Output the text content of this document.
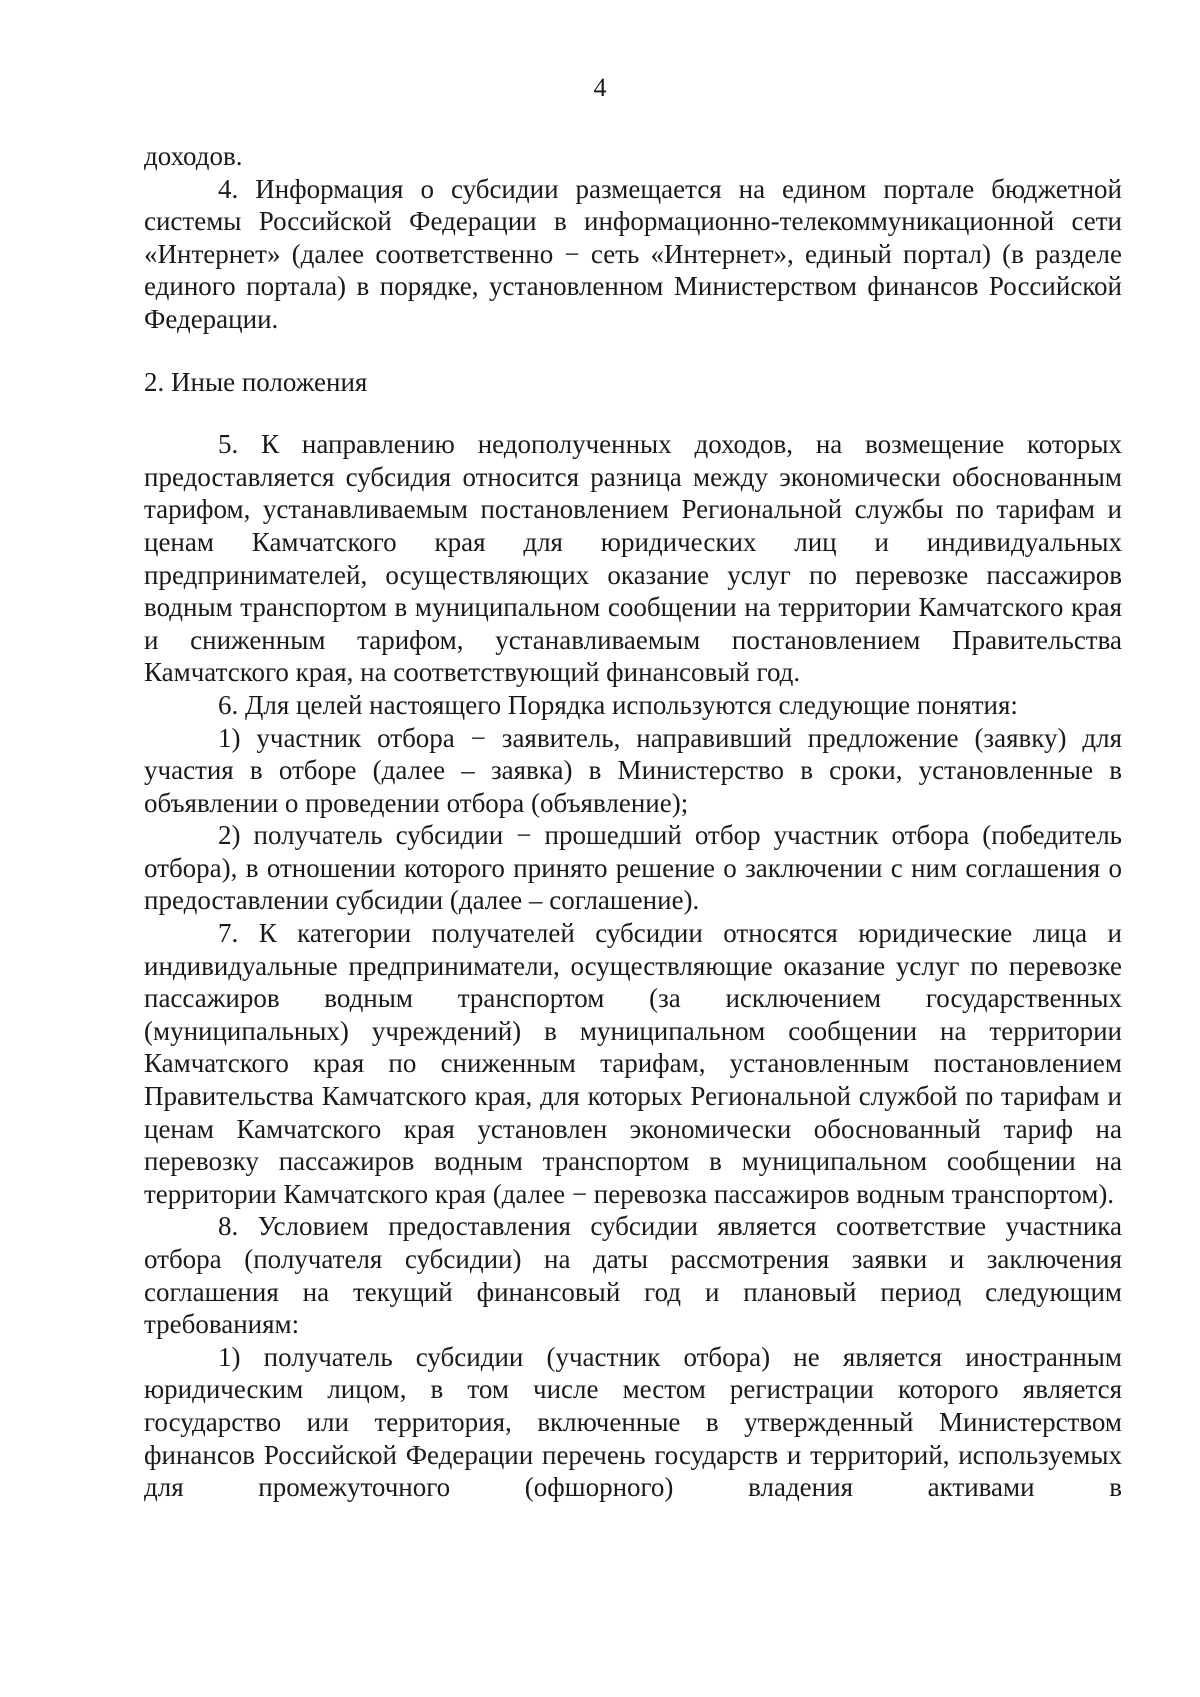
4

доходов.

4. Информация о субсидии размещается на едином портале бюджетной системы Российской Федерации в информационно-телекоммуникационной сети «Интернет» (далее соответственно − сеть «Интернет», единый портал) (в разделе единого портала) в порядке, установленном Министерством финансов Российской Федерации.

2. Иные положения

5. К направлению недополученных доходов, на возмещение которых предоставляется субсидия относится разница между экономически обоснованным тарифом, устанавливаемым постановлением Региональной службы по тарифам и ценам Камчатского края для юридических лиц и индивидуальных предпринимателей, осуществляющих оказание услуг по перевозке пассажиров водным транспортом в муниципальном сообщении на территории Камчатского края и сниженным тарифом, устанавливаемым постановлением Правительства Камчатского края, на соответствующий финансовый год.

6. Для целей настоящего Порядка используются следующие понятия:

1) участник отбора − заявитель, направивший предложение (заявку) для участия в отборе (далее – заявка) в Министерство в сроки, установленные в объявлении о проведении отбора (объявление);

2) получатель субсидии − прошедший отбор участник отбора (победитель отбора), в отношении которого принято решение о заключении с ним соглашения о предоставлении субсидии (далее – соглашение).

7. К категории получателей субсидии относятся юридические лица и индивидуальные предприниматели, осуществляющие оказание услуг по перевозке пассажиров водным транспортом (за исключением государственных (муниципальных) учреждений) в муниципальном сообщении на территории Камчатского края по сниженным тарифам, установленным постановлением Правительства Камчатского края, для которых Региональной службой по тарифам и ценам Камчатского края установлен экономически обоснованный тариф на перевозку пассажиров водным транспортом в муниципальном сообщении на территории Камчатского края (далее − перевозка пассажиров водным транспортом).

8. Условием предоставления субсидии является соответствие участника отбора (получателя субсидии) на даты рассмотрения заявки и заключения соглашения на текущий финансовый год и плановый период следующим требованиям:

1) получатель субсидии (участник отбора) не является иностранным юридическим лицом, в том числе местом регистрации которого является государство или территория, включенные в утвержденный Министерством финансов Российской Федерации перечень государств и территорий, используемых для промежуточного (офшорного) владения активами в
